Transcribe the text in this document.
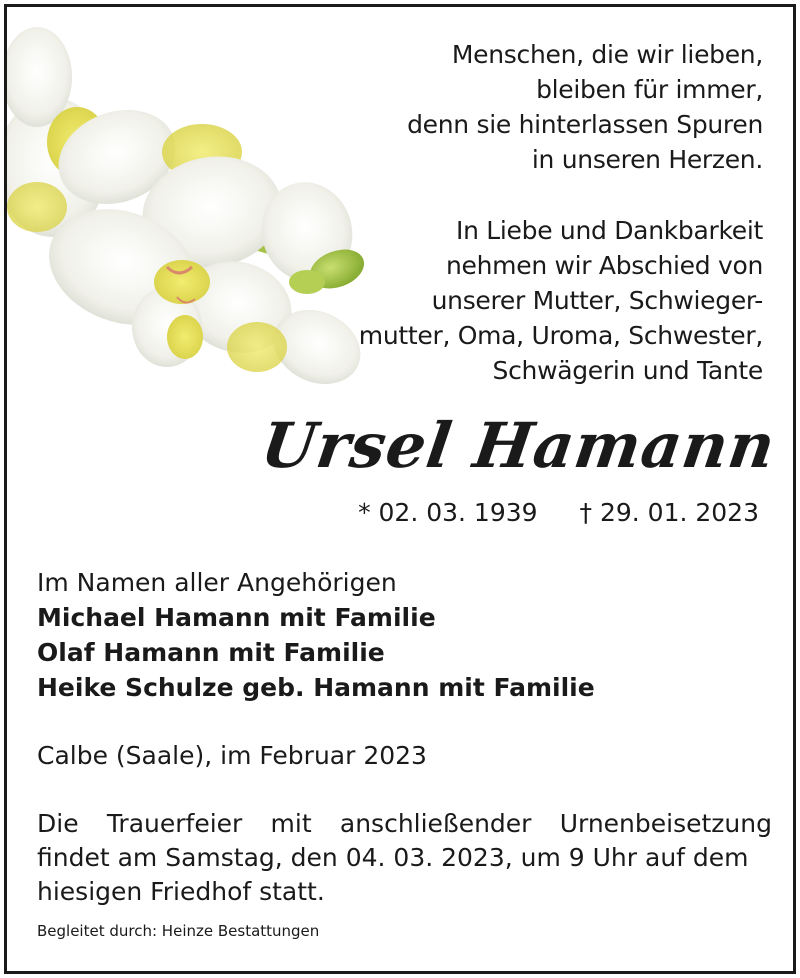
Menschen, die wir lieben,
bleiben für immer,
denn sie hinterlassen Spuren
in unseren Herzen.
In Liebe und Dankbarkeit
nehmen wir Abschied von
unserer Mutter, Schwieger-
mutter, Oma, Uroma, Schwester,
Schwägerin und Tante
Ursel Hamann
* 02. 03. 1939 † 29. 01. 2023
Im Namen aller Angehörigen
Michael Hamann mit Familie
Olaf Hamann mit Familie
Heike Schulze geb. Hamann mit Familie
Calbe (Saale), im Februar 2023
Die Trauerfeier mit anschließender Urnenbeisetzung
findet am Samstag, den 04. 03. 2023, um 9 Uhr auf dem
hiesigen Friedhof statt.
Begleitet durch: Heinze Bestattungen
